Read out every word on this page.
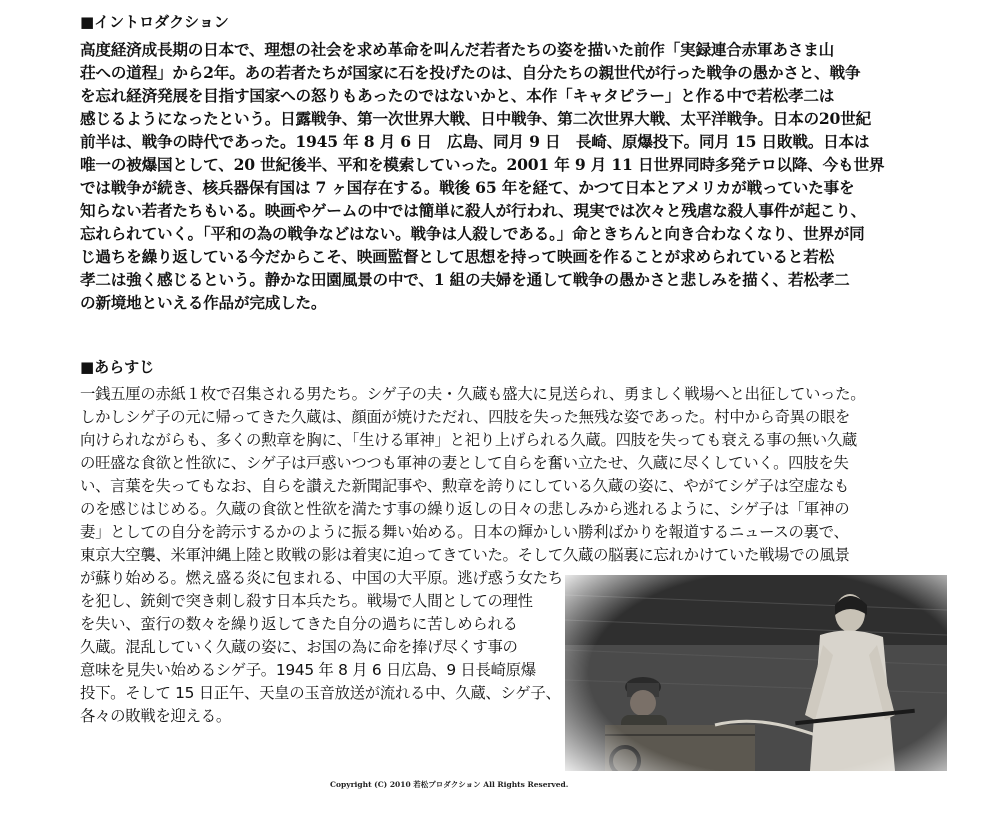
■イントロダクション

高度経済成長期の日本で、理想の社会を求め革命を叫んだ若者たちの姿を描いた前作「実録連合赤軍あさま山
荘への道程」から2年。あの若者たちが国家に石を投げたのは、自分たちの親世代が行った戦争の愚かさと、戦争
を忘れ経済発展を目指す国家への怒りもあったのではないかと、本作「キャタピラー」と作る中で若松孝二は
感じるようになったという。日露戦争、第一次世界大戦、日中戦争、第二次世界大戦、太平洋戦争。日本の20世紀
前半は、戦争の時代であった。1945 年 8 月 6 日　広島、同月 9 日　長崎、原爆投下。同月 15 日敗戦。日本は
唯一の被爆国として、20 世紀後半、平和を模索していった。2001 年 9 月 11 日世界同時多発テロ以降、今も世界
では戦争が続き、核兵器保有国は 7 ヶ国存在する。戦後 65 年を経て、かつて日本とアメリカが戦っていた事を
知らない若者たちもいる。映画やゲームの中では簡単に殺人が行われ、現実では次々と残虐な殺人事件が起こり、
忘れられていく。「平和の為の戦争などはない。戦争は人殺しである。」命ときちんと向き合わなくなり、世界が同
じ過ちを繰り返している今だからこそ、映画監督として思想を持って映画を作ることが求められていると若松
孝二は強く感じるという。静かな田園風景の中で、1 組の夫婦を通して戦争の愚かさと悲しみを描く、若松孝二
の新境地といえる作品が完成した。

■あらすじ

一銭五厘の赤紙１枚で召集される男たち。シゲ子の夫・久蔵も盛大に見送られ、勇ましく戦場へと出征していった。
しかしシゲ子の元に帰ってきた久蔵は、顔面が焼けただれ、四肢を失った無残な姿であった。村中から奇異の眼を
向けられながらも、多くの勲章を胸に、「生ける軍神」と祀り上げられる久蔵。四肢を失っても衰える事の無い久蔵
の旺盛な食欲と性欲に、シゲ子は戸惑いつつも軍神の妻として自らを奮い立たせ、久蔵に尽くしていく。四肢を失
い、言葉を失ってもなお、自らを讃えた新聞記事や、勲章を誇りにしている久蔵の姿に、やがてシゲ子は空虚なも
のを感じはじめる。久蔵の食欲と性欲を満たす事の繰り返しの日々の悲しみから逃れるように、シゲ子は「軍神の
妻」としての自分を誇示するかのように振る舞い始める。日本の輝かしい勝利ばかりを報道するニュースの裏で、
東京大空襲、米軍沖縄上陸と敗戦の影は着実に迫ってきていた。そして久蔵の脳裏に忘れかけていた戦場での風景
が蘇り始める。燃え盛る炎に包まれる、中国の大平原。逃げ惑う女たち
を犯し、銃剣で突き刺し殺す日本兵たち。戦場で人間としての理性
を失い、蛮行の数々を繰り返してきた自分の過ちに苦しめられる
久蔵。混乱していく久蔵の姿に、お国の為に命を捧げ尽くす事の
意味を見失い始めるシゲ子。1945 年 8 月 6 日広島、9 日長崎原爆
投下。そして 15 日正午、天皇の玉音放送が流れる中、久蔵、シゲ子、
各々の敗戦を迎える。

Copyright (C) 2010 若松プロダクション All Rights Reserved.
